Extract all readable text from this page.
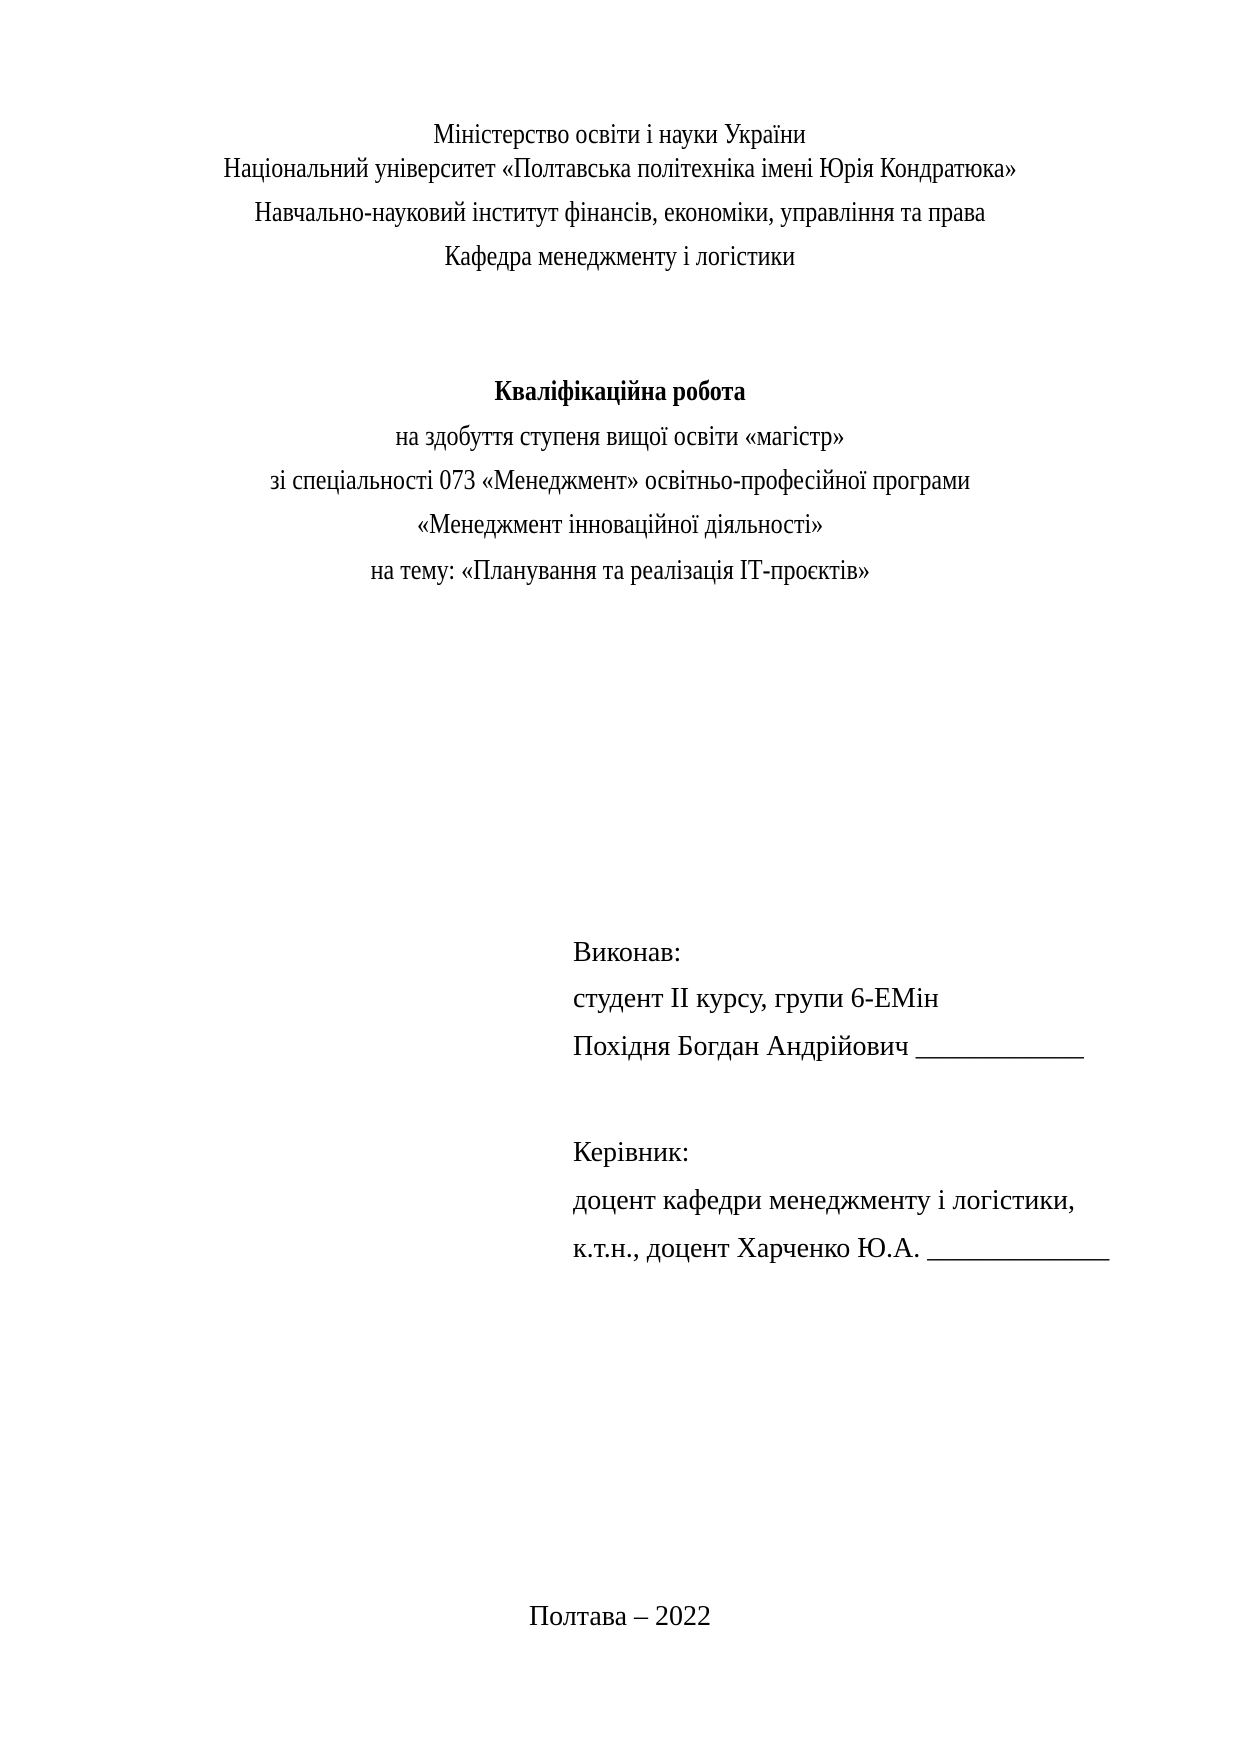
Міністерство освіти і науки України
Національний університет «Полтавська політехніка імені Юрія Кондратюка»
Навчально-науковий інститут фінансів, економіки, управління та права
Кафедра менеджменту і логістики
Кваліфікаційна робота
на здобуття ступеня вищої освіти «магістр»
зі спеціальності 073 «Менеджмент» освітньо-професійної програми
«Менеджмент інноваційної діяльності»
на тему: «Планування та реалізація ІТ-проєктів»
Виконав:
студент ІІ курсу, групи 6-ЕМін
Похідня Богдан Андрійович ____________
Керівник:
доцент кафедри менеджменту і логістики,
к.т.н., доцент Харченко Ю.А. _____________
Полтава – 2022
